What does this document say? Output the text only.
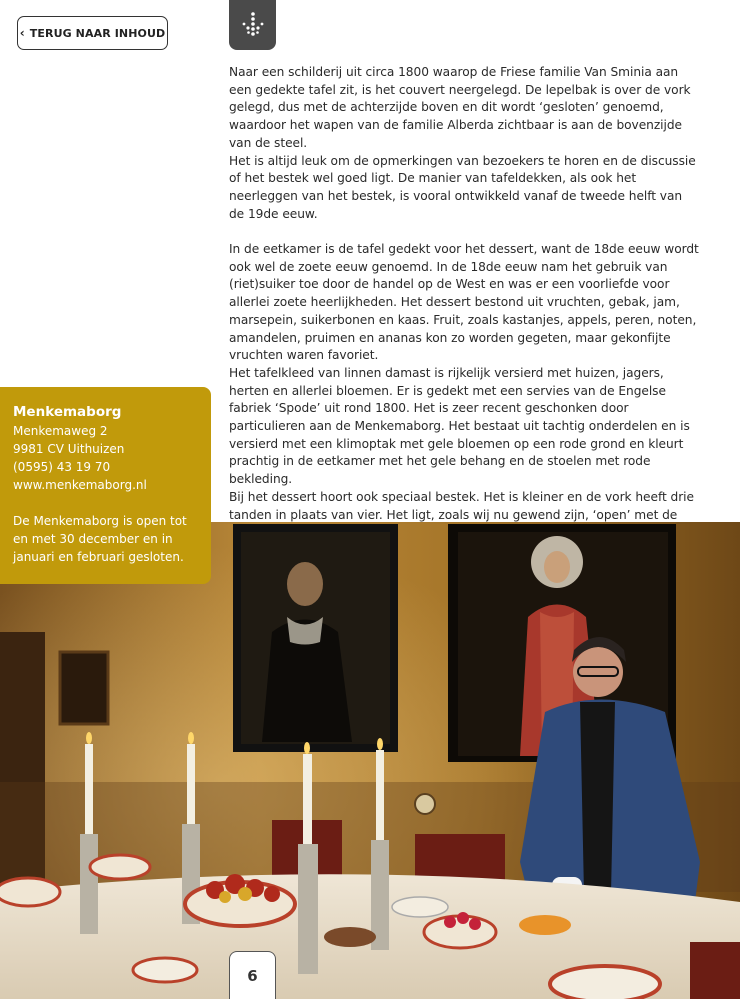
‹ TERUG NAAR INHOUD

Naar een schilderij uit circa 1800 waarop de Friese familie Van Sminia aan een gedekte tafel zit, is het couvert neergelegd. De lepelbak is over de vork gelegd, dus met de achterzijde boven en dit wordt ‘gesloten’ genoemd, waardoor het wapen van de familie Alberda zichtbaar is aan de bovenzijde van de steel.

Het is altijd leuk om de opmerkingen van bezoekers te horen en de discussie of het bestek wel goed ligt. De manier van tafeldekken, als ook het neerleggen van het bestek, is vooral ontwikkeld vanaf de tweede helft van de 19de eeuw.

In de eetkamer is de tafel gedekt voor het dessert, want de 18de eeuw wordt ook wel de zoete eeuw genoemd. In de 18de eeuw nam het gebruik van (riet)suiker toe door de handel op de West en was er een voorliefde voor allerlei zoete heerlijkheden. Het dessert bestond uit vruchten, gebak, jam, marsepein, suikerbonen en kaas. Fruit, zoals kastanjes, appels, peren, noten, amandelen, pruimen en ananas kon zo worden gegeten, maar gekonfijte vruchten waren favoriet.

Het tafelkleed van linnen damast is rijkelijk versierd met huizen, jagers, herten en allerlei bloemen. Er is gedekt met een servies van de Engelse fabriek ‘Spode’ uit rond 1800. Het is zeer recent geschonken door particulieren aan de Menkemaborg. Het bestaat uit tachtig onderdelen en is versierd met een klimoptak met gele bloemen op een rode grond en kleurt prachtig in de eetkamer met het gele behang en de stoelen met rode bekleding.

Bij het dessert hoort ook speciaal bestek. Het is kleiner en de vork heeft drie tanden in plaats van vier. Het ligt, zoals wij nu gewend zijn, ‘open’ met de

Menkemaborg
Menkemaweg 2
9981 CV Uithuizen
(0595) 43 19 70
www.menkemaborg.nl
De Menkemaborg is open tot en met 30 december en in januari en februari gesloten.
6
